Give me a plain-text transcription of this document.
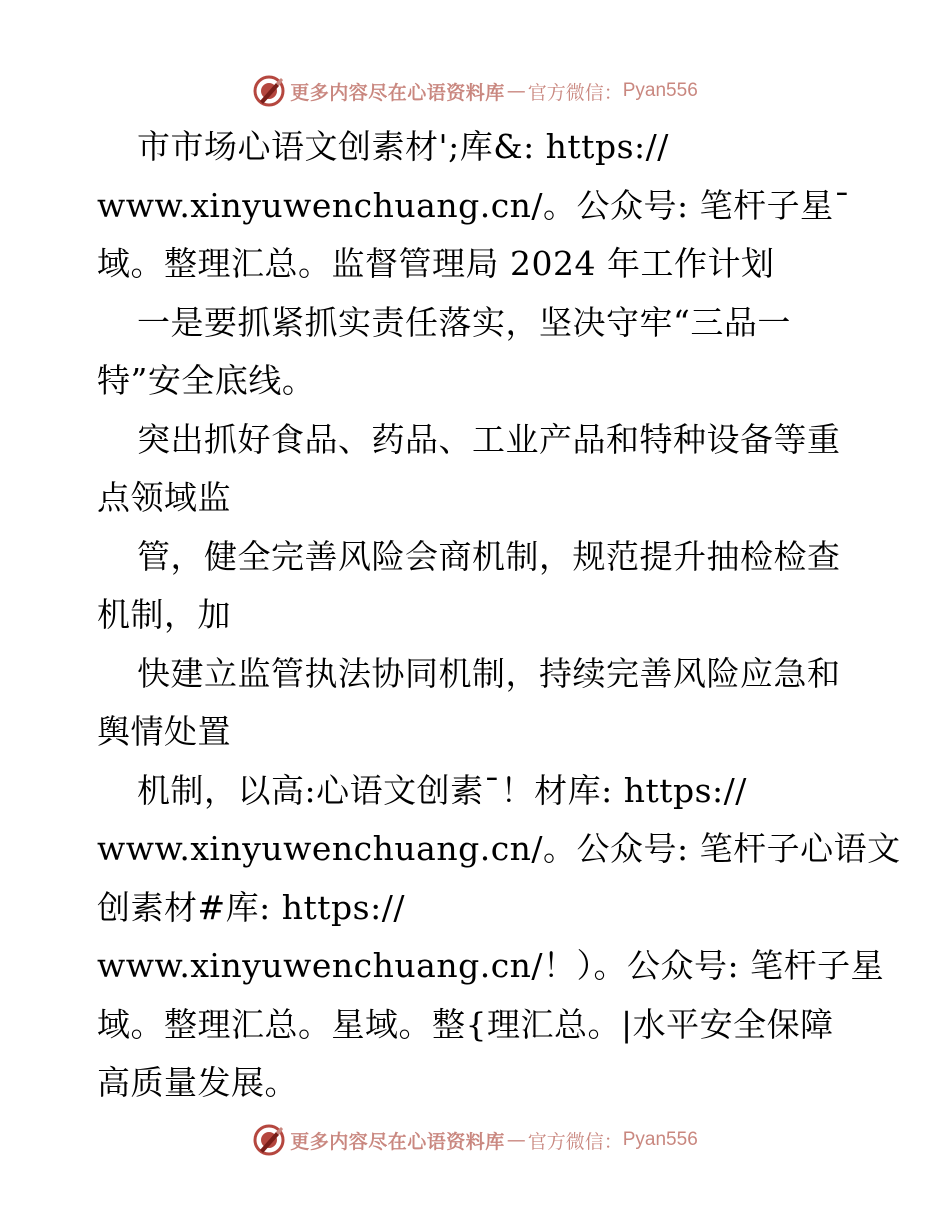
更多内容尽在心语资料库 — 官方微信： Pyan556
市市场心语文创素材';库&: https://
www.xinyuwenchuang.cn/。公众号: 笔杆子星¯
域。整理汇总。监督管理局 2024 年工作计划
一是要抓紧抓实责任落实，坚决守牢“三品一
特”安全底线。
突出抓好食品、药品、工业产品和特种设备等重
点领域监
管，健全完善风险会商机制，规范提升抽检检查
机制，加
快建立监管执法协同机制，持续完善风险应急和
舆情处置
机制，以高:心语文创素¯！材库: https://
www.xinyuwenchuang.cn/。公众号: 笔杆子心语文
创素材#库: https://
www.xinyuwenchuang.cn/！）。公众号: 笔杆子星
域。整理汇总。星域。整{理汇总。|水平安全保障
高质量发展。
更多内容尽在心语资料库 — 官方微信： Pyan556
